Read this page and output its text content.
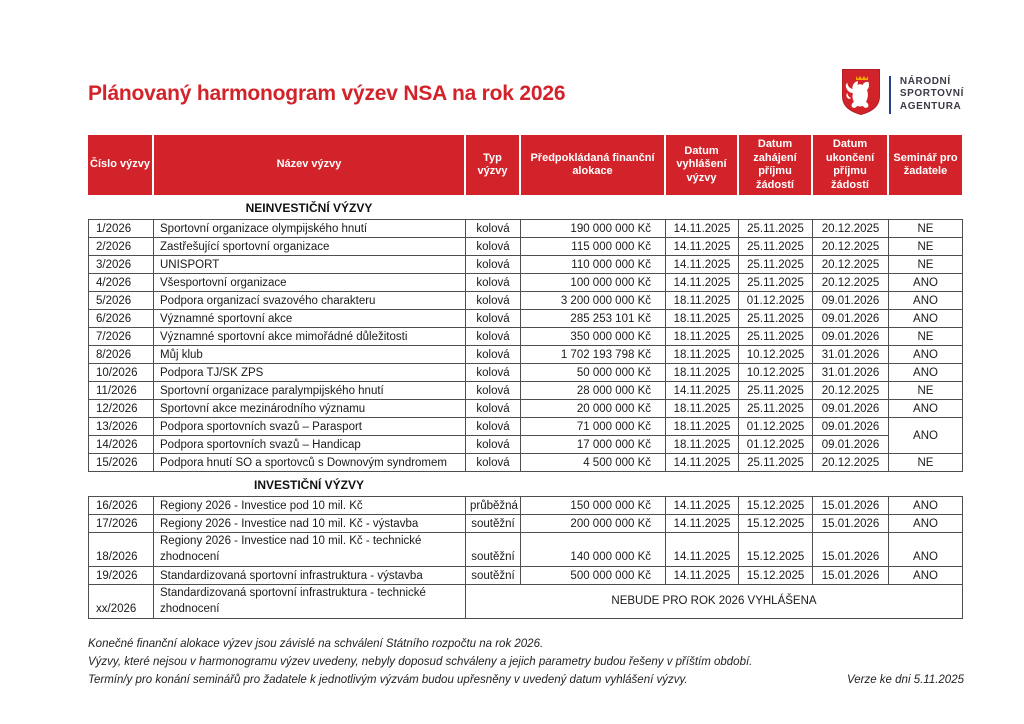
Plánovaný harmonogram výzev NSA na rok 2026
NÁRODNÍ
SPORTOVNÍ
AGENTURA
Číslo výzvy	Název výzvy	Typ výzvy	Předpokládaná finanční alokace	Datum vyhlášení výzvy	Datum zahájení příjmu žádostí	Datum ukončení příjmu žádostí	Seminář pro žadatele
NEINVESTIČNÍ VÝZVY
1/2026	Sportovní organizace olympijského hnutí	kolová	190 000 000 Kč	14.11.2025	25.11.2025	20.12.2025	NE
2/2026	Zastřešující sportovní organizace	kolová	115 000 000 Kč	14.11.2025	25.11.2025	20.12.2025	NE
3/2026	UNISPORT	kolová	110 000 000 Kč	14.11.2025	25.11.2025	20.12.2025	NE
4/2026	Všesportovní organizace	kolová	100 000 000 Kč	14.11.2025	25.11.2025	20.12.2025	ANO
5/2026	Podpora organizací svazového charakteru	kolová	3 200 000 000 Kč	18.11.2025	01.12.2025	09.01.2026	ANO
6/2026	Významné sportovní akce	kolová	285 253 101 Kč	18.11.2025	25.11.2025	09.01.2026	ANO
7/2026	Významné sportovní akce mimořádné důležitosti	kolová	350 000 000 Kč	18.11.2025	25.11.2025	09.01.2026	NE
8/2026	Můj klub	kolová	1 702 193 798 Kč	18.11.2025	10.12.2025	31.01.2026	ANO
10/2026	Podpora TJ/SK ZPS	kolová	50 000 000 Kč	18.11.2025	10.12.2025	31.01.2026	ANO
11/2026	Sportovní organizace paralympijského hnutí	kolová	28 000 000 Kč	14.11.2025	25.11.2025	20.12.2025	NE
12/2026	Sportovní akce mezinárodního významu	kolová	20 000 000 Kč	18.11.2025	25.11.2025	09.01.2026	ANO
13/2026	Podpora sportovních svazů – Parasport	kolová	71 000 000 Kč	18.11.2025	01.12.2025	09.01.2026	ANO
14/2026	Podpora sportovních svazů – Handicap	kolová	17 000 000 Kč	18.11.2025	01.12.2025	09.01.2026	
15/2026	Podpora hnutí SO a sportovců s Downovým syndromem	kolová	4 500 000 Kč	14.11.2025	25.11.2025	20.12.2025	NE
INVESTIČNÍ VÝZVY
16/2026	Regiony 2026 - Investice pod 10 mil. Kč	průběžná	150 000 000 Kč	14.11.2025	15.12.2025	15.01.2026	ANO
17/2026	Regiony 2026 - Investice nad 10 mil. Kč - výstavba	soutěžní	200 000 000 Kč	14.11.2025	15.12.2025	15.01.2026	ANO
18/2026	Regiony 2026 - Investice nad 10 mil. Kč - technické zhodnocení	soutěžní	140 000 000 Kč	14.11.2025	15.12.2025	15.01.2026	ANO
19/2026	Standardizovaná sportovní infrastruktura - výstavba	soutěžní	500 000 000 Kč	14.11.2025	15.12.2025	15.01.2026	ANO
xx/2026	Standardizovaná sportovní infrastruktura - technické zhodnocení	NEBUDE PRO ROK 2026 VYHLÁŠENA					
Konečné finanční alokace výzev jsou závislé na schválení Státního rozpočtu na rok 2026.
Výzvy, které nejsou v harmonogramu výzev uvedeny, nebyly doposud schváleny a jejich parametry budou řešeny v příštím období.
Termín/y pro konání seminářů pro žadatele k jednotlivým výzvám budou upřesněny v uvedený datum vyhlášení výzvy.	Verze ke dni 5.11.2025
